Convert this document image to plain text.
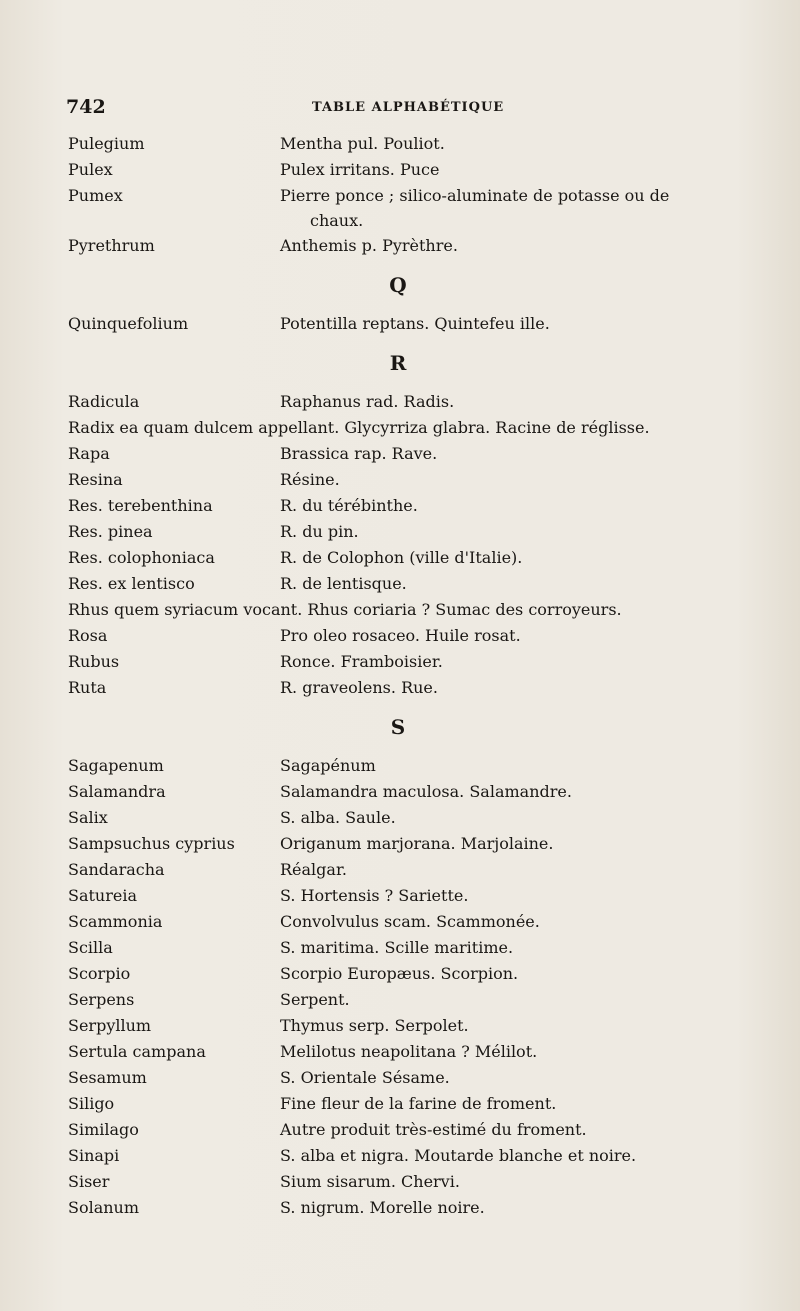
742	TABLE ALPHABÉTIQUE
Pulegium	Mentha pul. Pouliot.
Pulex	Pulex irritans. Puce
Pumex	Pierre ponce ; silico-aluminate de potasse ou de
chaux.
Pyrethrum	Anthemis p. Pyrèthre.
Q
Quinquefolium	Potentilla reptans. Quintefeu ille.
R
Radicula	Raphanus rad. Radis.
Radix ea quam dulcem appellant. Glycyrriza glabra. Racine de réglisse.
Rapa	Brassica rap. Rave.
Resina	Résine.
Res. terebenthina	R. du térébinthe.
Res. pinea	R. du pin.
Res. colophoniaca	R. de Colophon (ville d'Italie).
Res. ex lentisco	R. de lentisque.
Rhus quem syriacum vocant. Rhus coriaria ? Sumac des corroyeurs.
Rosa	Pro oleo rosaceo. Huile rosat.
Rubus	Ronce. Framboisier.
Ruta	R. graveolens. Rue.
S
Sagapenum	Sagapénum
Salamandra	Salamandra maculosa. Salamandre.
Salix	S. alba. Saule.
Sampsuchus cyprius	Origanum marjorana. Marjolaine.
Sandaracha	Réalgar.
Satureia	S. Hortensis ? Sariette.
Scammonia	Convolvulus scam. Scammonée.
Scilla	S. maritima. Scille maritime.
Scorpio	Scorpio Europæus. Scorpion.
Serpens	Serpent.
Serpyllum	Thymus serp. Serpolet.
Sertula campana	Melilotus neapolitana ? Mélilot.
Sesamum	S. Orientale Sésame.
Siligo	Fine fleur de la farine de froment.
Similago	Autre produit très-estimé du froment.
Sinapi	S. alba et nigra. Moutarde blanche et noire.
Siser	Sium sisarum. Chervi.
Solanum	S. nigrum. Morelle noire.
